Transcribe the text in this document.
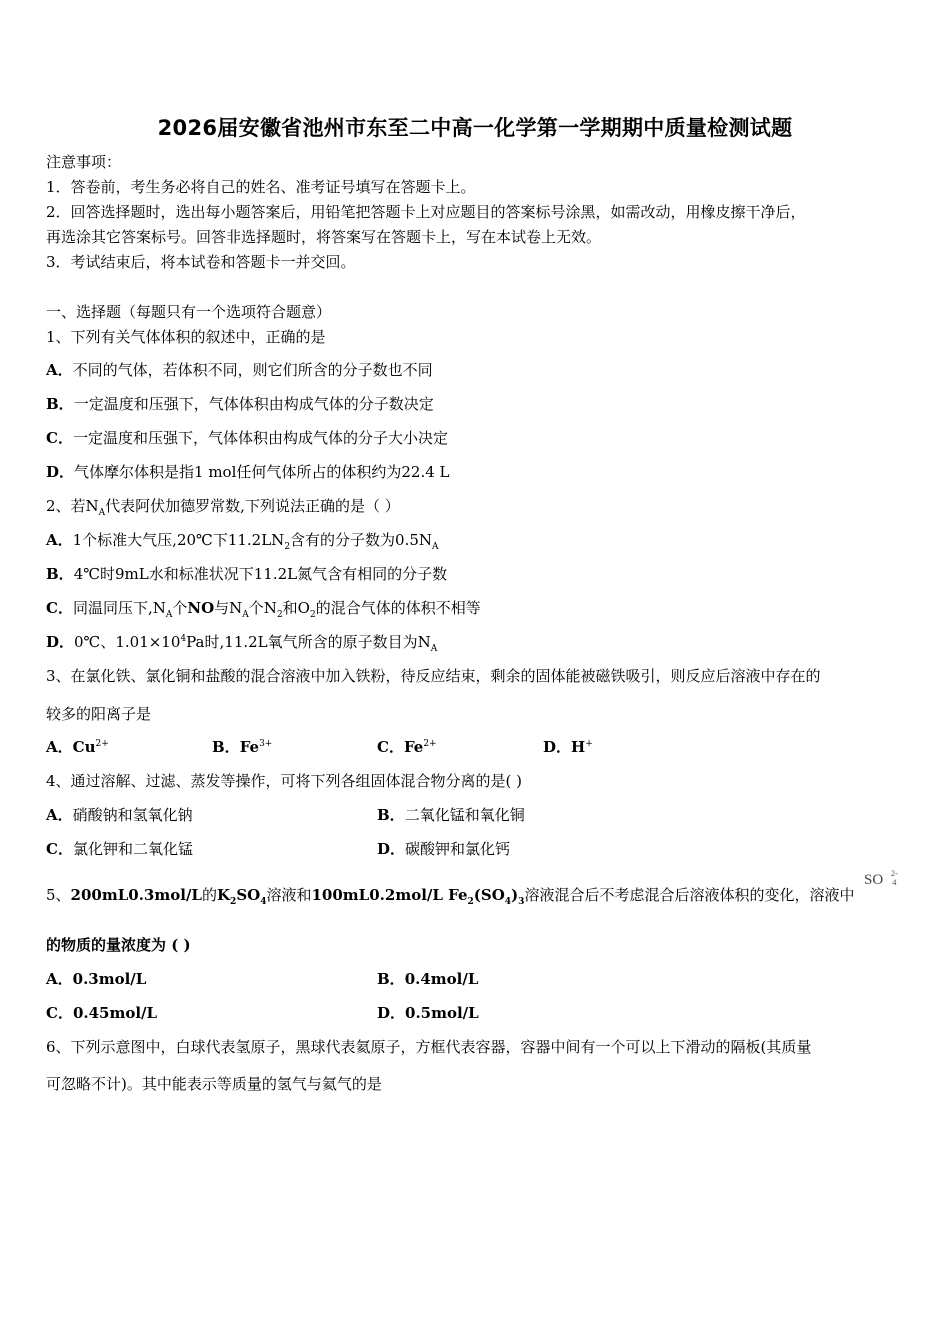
2026届安徽省池州市东至二中高一化学第一学期期中质量检测试题
注意事项：
1．答卷前，考生务必将自己的姓名、准考证号填写在答题卡上。
2．回答选择题时，选出每小题答案后，用铅笔把答题卡上对应题目的答案标号涂黑，如需改动，用橡皮擦干净后，
再选涂其它答案标号。回答非选择题时，将答案写在答题卡上，写在本试卷上无效。
3．考试结束后，将本试卷和答题卡一并交回。
一、选择题（每题只有一个选项符合题意）
1、下列有关气体体积的叙述中，正确的是
A．不同的气体，若体积不同，则它们所含的分子数也不同
B．一定温度和压强下，气体体积由构成气体的分子数决定
C．一定温度和压强下，气体体积由构成气体的分子大小决定
D．气体摩尔体积是指1 mol任何气体所占的体积约为22.4 L
2、若$N_A$代表阿伏加德罗常数,下列说法正确的是（ ）
A．1个标准大气压,20℃下$11.2LN_2$含有的分子数为$0.5N_A$
B．4℃时9mL水和标准状况下11.2L氮气含有相同的分子数
C．同温同压下$,N_A$个NO与$N_A$个$N_2$和$O_2$的混合气体的体积不相等
D．0℃、$1.01\times 10^4Pa$时,11.2L氧气所含的原子数目为$N_A$
3、在氯化铁、氯化铜和盐酸的混合溶液中加入铁粉，待反应结束，剩余的固体能被磁铁吸引，则反应后溶液中存在的
较多的阳离子是
A．$Cu^{2+}$	B．$Fe^{3+}$	C．$Fe^{2+}$	D．H+
4、通过溶解、过滤、蒸发等操作，可将下列各组固体混合物分离的是( )
A．硝酸钠和氢氧化钠	B．二氧化锰和氧化铜
C．氯化钾和二氧化锰	D．碳酸钾和氯化钙
5、200mL0.3mol/L的$K_2SO_4$溶液和100mL0.2mol/L $Fe_2(SO_4)_3$溶液混合后不考虑混合后溶液体积的变化，溶液中
SO 2-
4
的物质的量浓度为 ( )
A．0.3mol/L	B．0.4mol/L
C．0.45mol/L	D．0.5mol/L
6、下列示意图中，白球代表氢原子，黑球代表氦原子，方框代表容器，容器中间有一个可以上下滑动的隔板(其质量
可忽略不计)。其中能表示等质量的氢气与氦气的是
